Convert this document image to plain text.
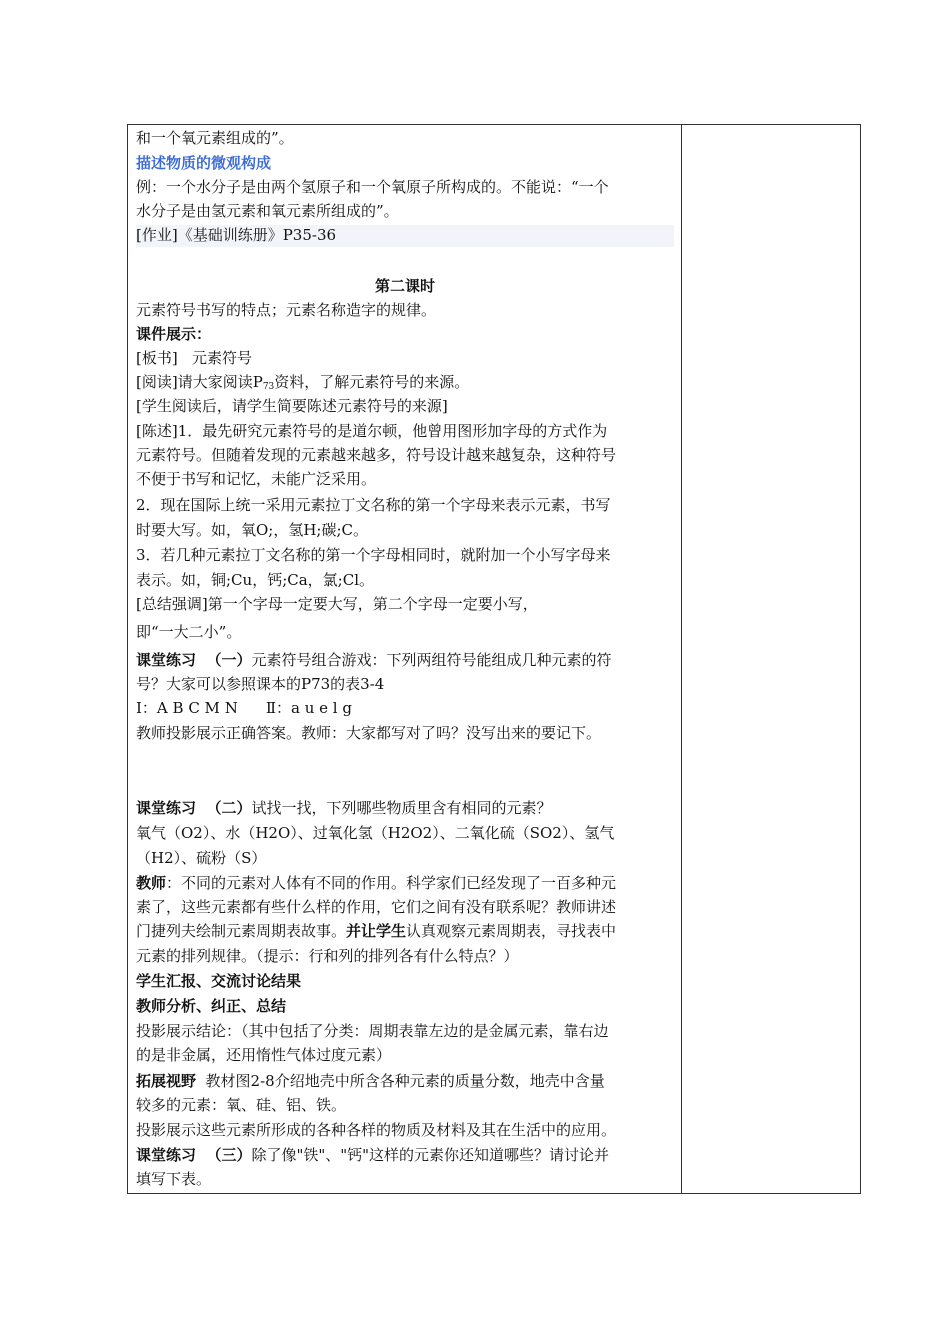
和一个氧元素组成的”。
描述物质的微观构成
例：一个水分子是由两个氢原子和一个氧原子所构成的。不能说：“一个
水分子是由氢元素和氧元素所组成的”。
[作业]《基础训练册》P35-36
第二课时
元素符号书写的特点；元素名称造字的规律。
课件展示：
[板书]   元素符号
[阅读]请大家阅读$P_{73}$资料，了解元素符号的来源。
[学生阅读后，请学生简要陈述元素符号的来源]
[陈述]1．最先研究元素符号的是道尔顿，他曾用图形加字母的方式作为
元素符号。但随着发现的元素越来越多，符号设计越来越复杂，这种符号
不便于书写和记忆，未能广泛采用。
2．现在国际上统一采用元素拉丁文名称的第一个字母来表示元素，书写
时要大写。如，氧O;，氢H;碳;C。
3．若几种元素拉丁文名称的第一个字母相同时，就附加一个小写字母来
表示。如，铜;Cu，钙;Ca，氯;Cl。
[总结强调]第一个字母一定要大写，第二个字母一定要小写，
即“一大二小”。
课堂练习  （一）元素符号组合游戏：下列两组符号能组成几种元素的符
号？大家可以参照课本的P73的表3-4
Ⅰ：A B C M N Ⅱ：a u e l g
教师投影展示正确答案。教师：大家都写对了吗？没写出来的要记下。
课堂练习  （二）试找一找，下列哪些物质里含有相同的元素？
氧气（O2）、水（H2O）、过氧化氢（H2O2）、二氧化硫（SO2）、氢气
（H2）、硫粉（S）
教师：不同的元素对人体有不同的作用。科学家们已经发现了一百多种元
素了，这些元素都有些什么样的作用，它们之间有没有联系呢？教师讲述
门捷列夫绘制元素周期表故事。并让学生认真观察元素周期表，寻找表中
元素的排列规律。（提示：行和列的排列各有什么特点？）
学生汇报、交流讨论结果
教师分析、纠正、总结
投影展示结论：（其中包括了分类：周期表靠左边的是金属元素，靠右边
的是非金属，还用惰性气体过度元素）
拓展视野  教材图2-8介绍地壳中所含各种元素的质量分数，地壳中含量
较多的元素：氧、硅、铝、铁。
投影展示这些元素所形成的各种各样的物质及材料及其在生活中的应用。
课堂练习  （三）除了像"铁"、"钙"这样的元素你还知道哪些？请讨论并
填写下表。
